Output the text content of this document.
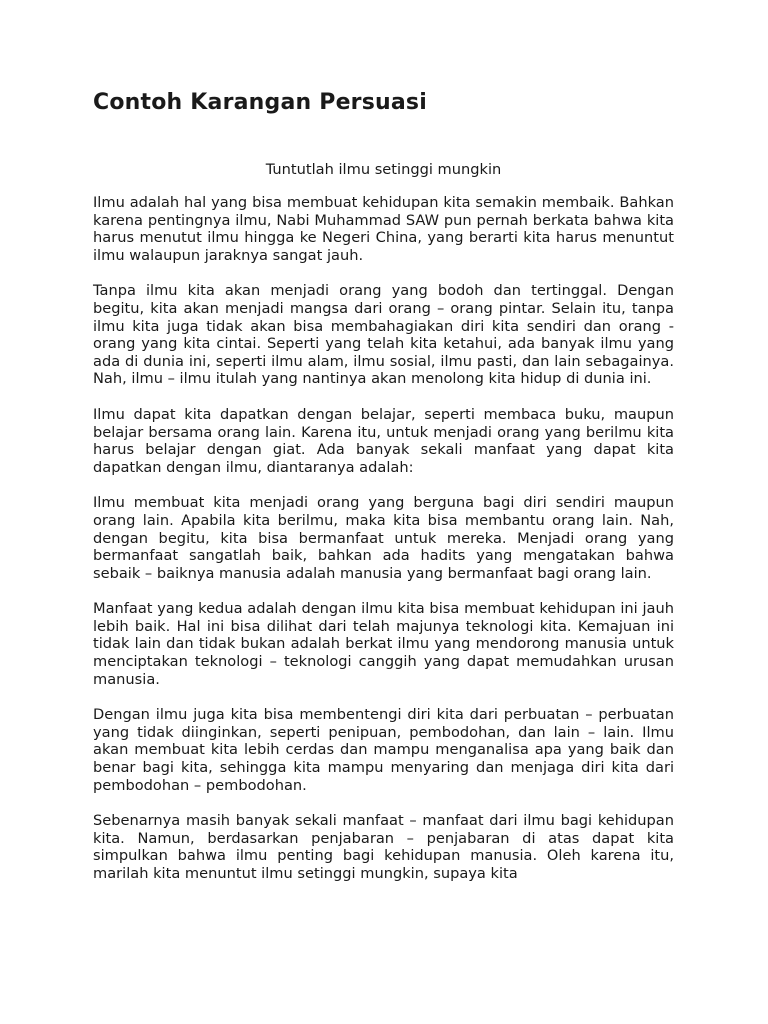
Contoh Karangan Persuasi
Tuntutlah ilmu setinggi mungkin

Ilmu adalah hal yang bisa membuat kehidupan kita semakin membaik. Bahkan karena pentingnya ilmu, Nabi Muhammad SAW pun pernah berkata bahwa kita harus menutut ilmu hingga ke Negeri China, yang berarti kita harus menuntut ilmu walaupun jaraknya sangat jauh.

Tanpa ilmu kita akan menjadi orang yang bodoh dan tertinggal. Dengan begitu, kita akan menjadi mangsa dari orang – orang pintar. Selain itu, tanpa ilmu kita juga tidak akan bisa membahagiakan diri kita sendiri dan orang - orang yang kita cintai. Seperti yang telah kita ketahui, ada banyak ilmu yang ada di dunia ini, seperti ilmu alam, ilmu sosial, ilmu pasti, dan lain sebagainya. Nah, ilmu – ilmu itulah yang nantinya akan menolong kita hidup di dunia ini.

Ilmu dapat kita dapatkan dengan belajar, seperti membaca buku, maupun belajar bersama orang lain. Karena itu, untuk menjadi orang yang berilmu kita harus belajar dengan giat. Ada banyak sekali manfaat yang dapat kita dapatkan dengan ilmu, diantaranya adalah:

Ilmu membuat kita menjadi orang yang berguna bagi diri sendiri maupun orang lain. Apabila kita berilmu, maka kita bisa membantu orang lain. Nah, dengan begitu, kita bisa bermanfaat untuk mereka. Menjadi orang yang bermanfaat sangatlah baik, bahkan ada hadits yang mengatakan bahwa sebaik – baiknya manusia adalah manusia yang bermanfaat bagi orang lain.

Manfaat yang kedua adalah dengan ilmu kita bisa membuat kehidupan ini jauh lebih baik. Hal ini bisa dilihat dari telah majunya teknologi kita. Kemajuan ini tidak lain dan tidak bukan adalah berkat ilmu yang mendorong manusia untuk menciptakan teknologi – teknologi canggih yang dapat memudahkan urusan manusia.

Dengan ilmu juga kita bisa membentengi diri kita dari perbuatan – perbuatan yang tidak diinginkan, seperti penipuan, pembodohan, dan lain – lain. Ilmu akan membuat kita lebih cerdas dan mampu menganalisa apa yang baik dan benar bagi kita, sehingga kita mampu menyaring dan menjaga diri kita dari pembodohan – pembodohan.

Sebenarnya masih banyak sekali manfaat – manfaat dari ilmu bagi kehidupan kita. Namun, berdasarkan penjabaran – penjabaran di atas dapat kita simpulkan bahwa ilmu penting bagi kehidupan manusia. Oleh karena itu, marilah kita menuntut ilmu setinggi mungkin, supaya kita
